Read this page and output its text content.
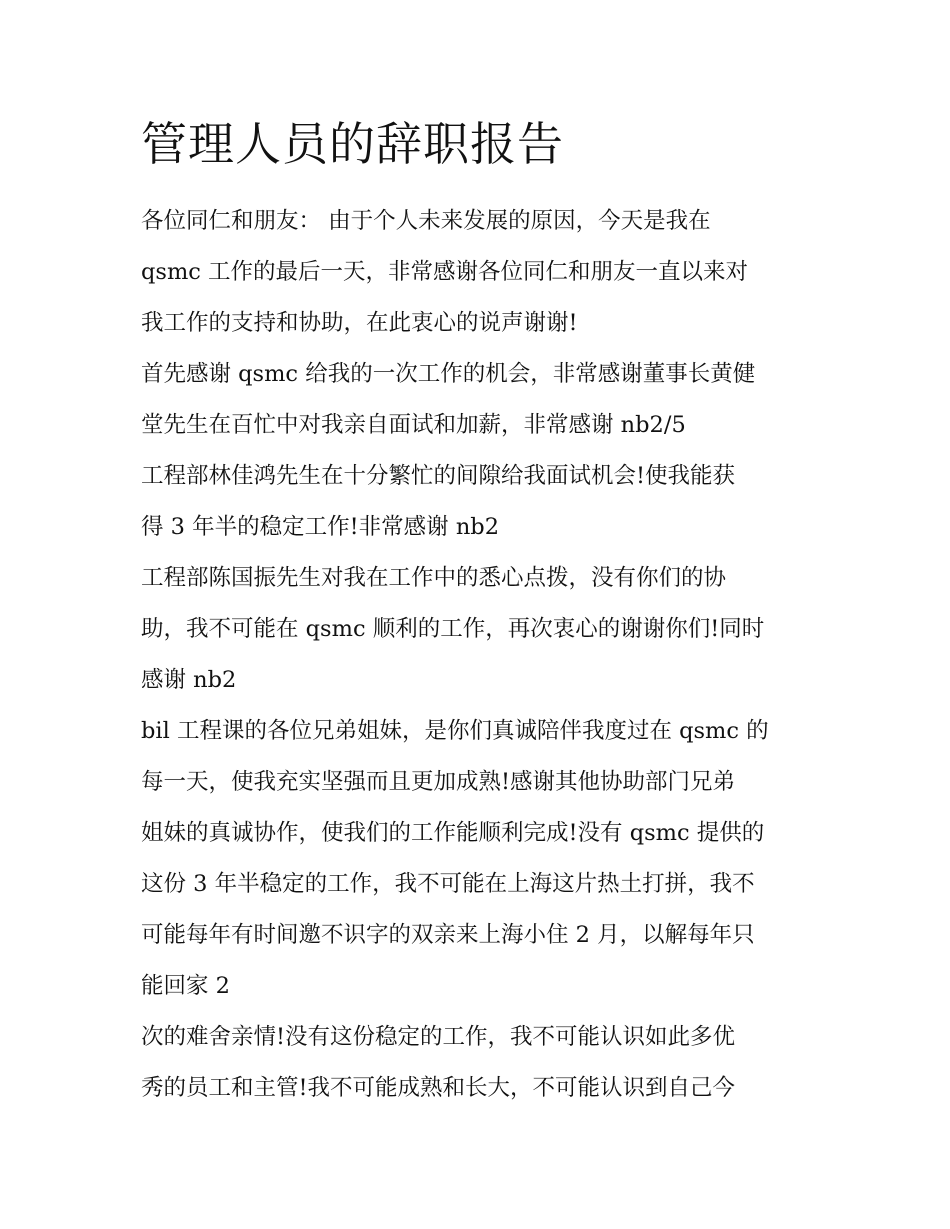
管理人员的辞职报告
各位同仁和朋友： 由于个人未来发展的原因，今天是我在
qsmc 工作的最后一天，非常感谢各位同仁和朋友一直以来对
我工作的支持和协助，在此衷心的说声谢谢!
首先感谢 qsmc 给我的一次工作的机会，非常感谢董事长黄健
堂先生在百忙中对我亲自面试和加薪，非常感谢 nb2/5
工程部林佳鸿先生在十分繁忙的间隙给我面试机会!使我能获
得 3 年半的稳定工作!非常感谢 nb2
工程部陈国振先生对我在工作中的悉心点拨，没有你们的协
助，我不可能在 qsmc 顺利的工作，再次衷心的谢谢你们!同时
感谢 nb2
bil 工程课的各位兄弟姐妹，是你们真诚陪伴我度过在 qsmc 的
每一天，使我充实坚强而且更加成熟!感谢其他协助部门兄弟
姐妹的真诚协作，使我们的工作能顺利完成!没有 qsmc 提供的
这份 3 年半稳定的工作，我不可能在上海这片热土打拼，我不
可能每年有时间邀不识字的双亲来上海小住 2 月，以解每年只
能回家 2
次的难舍亲情!没有这份稳定的工作，我不可能认识如此多优
秀的员工和主管!我不可能成熟和长大，不可能认识到自己今
